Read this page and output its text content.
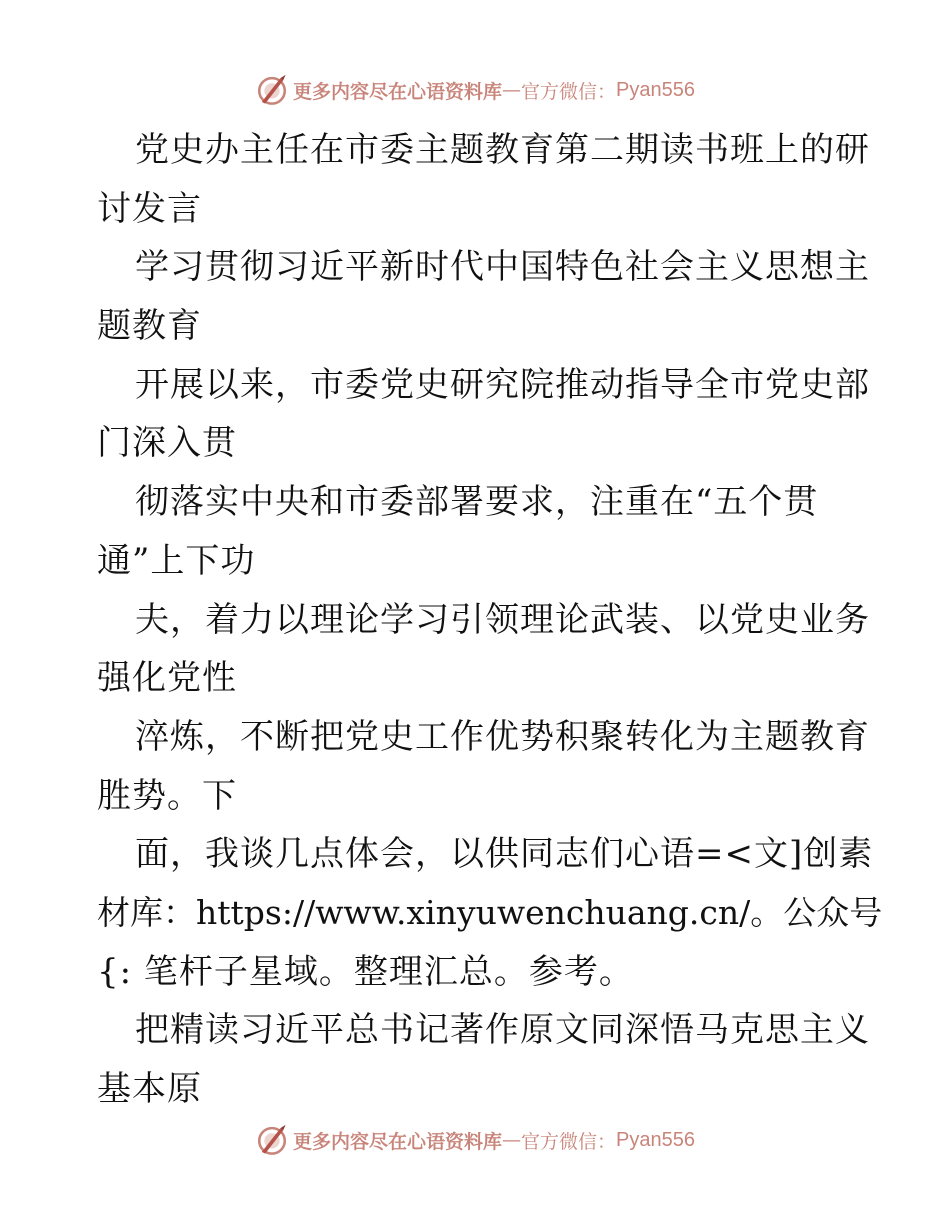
更多内容尽在心语资料库 — 官方微信： Pyan556
党史办主任在市委主题教育第二期读书班上的研
讨发言
学习贯彻习近平新时代中国特色社会主义思想主
题教育
开展以来，市委党史研究院推动指导全市党史部
门深入贯
彻落实中央和市委部署要求，注重在“五个贯
通”上下功
夫，着力以理论学习引领理论武装、以党史业务
强化党性
淬炼，不断把党史工作优势积聚转化为主题教育
胜势。下
面，我谈几点体会，以供同志们心语=<文]创素
材库：https://www.xinyuwenchuang.cn/。公众号
{: 笔杆子星域。整理汇总。参考。
把精读习近平总书记著作原文同深悟马克思主义
基本原
更多内容尽在心语资料库 — 官方微信： Pyan556
